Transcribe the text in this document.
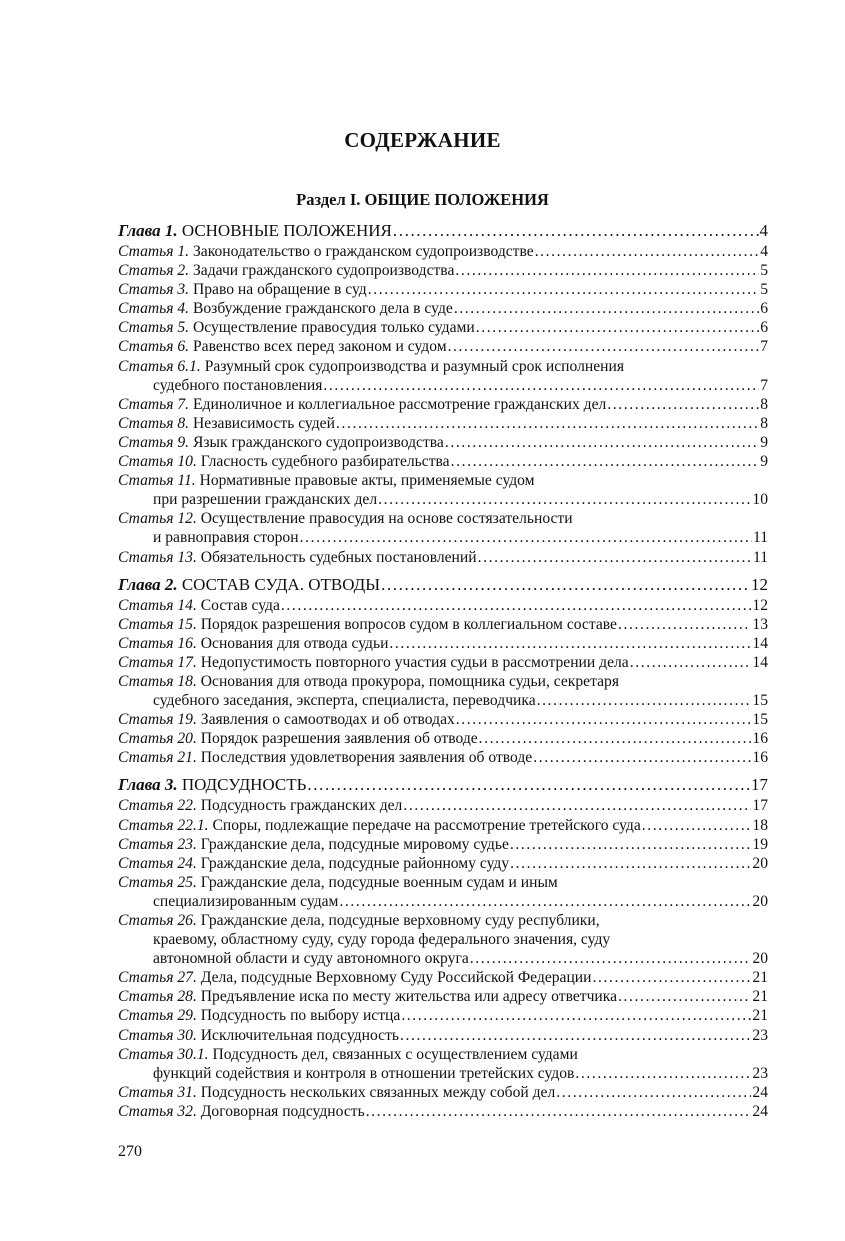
СОДЕРЖАНИЕ
Раздел I. ОБЩИЕ ПОЛОЖЕНИЯ
Глава 1. ОСНОВНЫЕ ПОЛОЖЕНИЯ .....	4
Статья 1. Законодательство о гражданском судопроизводстве .....	4
Статья 2. Задачи гражданского судопроизводства .....	5
Статья 3. Право на обращение в суд .....	5
Статья 4. Возбуждение гражданского дела в суде .....	6
Статья 5. Осуществление правосудия только судами .....	6
Статья 6. Равенство всех перед законом и судом .....	7
Статья 6.1. Разумный срок судопроизводства и разумный срок исполнения
судебного постановления .....	7
Статья 7. Единоличное и коллегиальное рассмотрение гражданских дел .....	8
Статья 8. Независимость судей .....	8
Статья 9. Язык гражданского судопроизводства .....	9
Статья 10. Гласность судебного разбирательства .....	9
Статья 11. Нормативные правовые акты, применяемые судом
при разрешении гражданских дел .....	10
Статья 12. Осуществление правосудия на основе состязательности
и равноправия сторон .....	11
Статья 13. Обязательность судебных постановлений .....	11
Глава 2. СОСТАВ СУДА. ОТВОДЫ .....	12
Статья 14. Состав суда .....	12
Статья 15. Порядок разрешения вопросов судом в коллегиальном составе .....	13
Статья 16. Основания для отвода судьи .....	14
Статья 17. Недопустимость повторного участия судьи в рассмотрении дела .....	14
Статья 18. Основания для отвода прокурора, помощника судьи, секретаря
судебного заседания, эксперта, специалиста, переводчика .....	15
Статья 19. Заявления о самоотводах и об отводах .....	15
Статья 20. Порядок разрешения заявления об отводе .....	16
Статья 21. Последствия удовлетворения заявления об отводе .....	16
Глава 3. ПОДСУДНОСТЬ .....	17
Статья 22. Подсудность гражданских дел .....	17
Статья 22.1. Споры, подлежащие передаче на рассмотрение третейского суда .....	18
Статья 23. Гражданские дела, подсудные мировому судье .....	19
Статья 24. Гражданские дела, подсудные районному суду .....	20
Статья 25. Гражданские дела, подсудные военным судам и иным
специализированным судам .....	20
Статья 26. Гражданские дела, подсудные верховному суду республики,
краевому, областному суду, суду города федерального значения, суду
автономной области и суду автономного округа .....	20
Статья 27. Дела, подсудные Верховному Суду Российской Федерации .....	21
Статья 28. Предъявление иска по месту жительства или адресу ответчика .....	21
Статья 29. Подсудность по выбору истца .....	21
Статья 30. Исключительная подсудность .....	23
Статья 30.1. Подсудность дел, связанных с осуществлением судами
функций содействия и контроля в отношении третейских судов .....	23
Статья 31. Подсудность нескольких связанных между собой дел .....	24
Статья 32. Договорная подсудность .....	24
270
